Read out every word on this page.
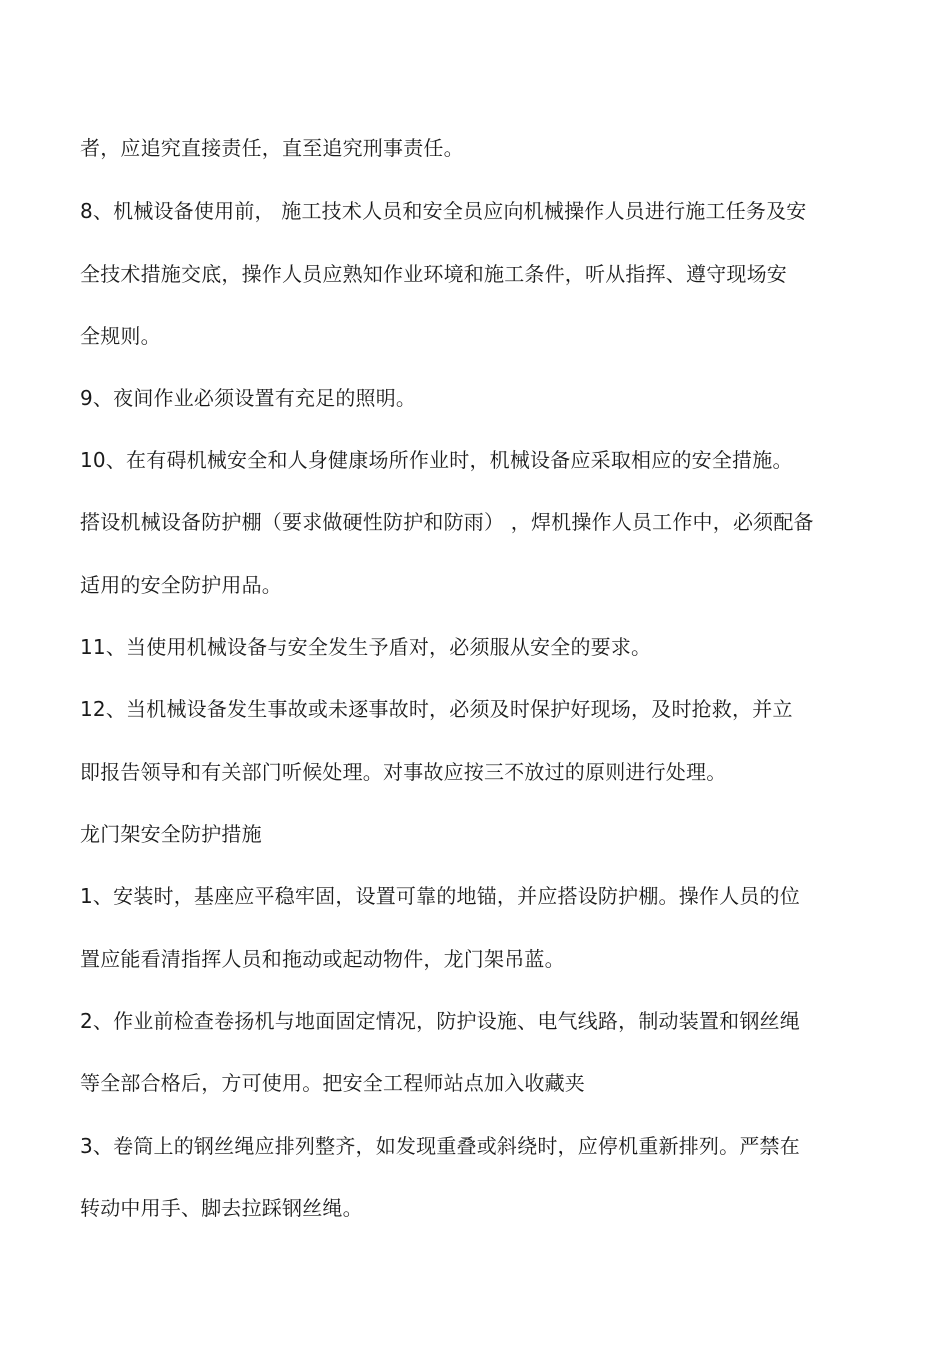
者，应追究直接责任，直至追究刑事责任。
8、机械设备使用前， 施工技术人员和安全员应向机械操作人员进行施工任务及安
全技术措施交底，操作人员应熟知作业环境和施工条件，听从指挥、遵守现场安
全规则。
9、夜间作业必须设置有充足的照明。
10、在有碍机械安全和人身健康场所作业时，机械设备应采取相应的安全措施。
搭设机械设备防护棚（要求做硬性防护和防雨） ，焊机操作人员工作中，必须配备
适用的安全防护用品。
11、当使用机械设备与安全发生予盾对，必须服从安全的要求。
12、当机械设备发生事故或未逐事故时，必须及时保护好现场，及时抢救，并立
即报告领导和有关部门听候处理。对事故应按三不放过的原则进行处理。
龙门架安全防护措施
1、安装时，基座应平稳牢固，设置可靠的地锚，并应搭设防护棚。操作人员的位
置应能看清指挥人员和拖动或起动物件，龙门架吊蓝。
2、作业前检查卷扬机与地面固定情况，防护设施、电气线路，制动装置和钢丝绳
等全部合格后，方可使用。把安全工程师站点加入收藏夹
3、卷筒上的钢丝绳应排列整齐，如发现重叠或斜绕时，应停机重新排列。严禁在
转动中用手、脚去拉踩钢丝绳。
